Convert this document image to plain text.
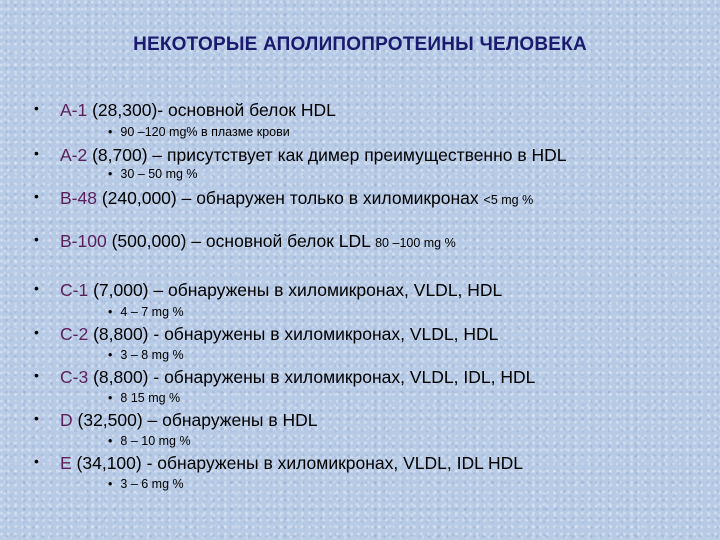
НЕКОТОРЫЕ АПОЛИПОПРОТЕИНЫ ЧЕЛОВЕКА
• A-1 (28,300)- основной белок HDL
• 90 –120 mg% в плазме крови
• A-2 (8,700) – присутствует как димер преимущественно в HDL
• 30 – 50 mg %
• B-48 (240,000) – обнаружен только в хиломикронах <5 mg %
• B-100 (500,000) – основной белок LDL 80 –100 mg %
• C-1 (7,000) – обнаружены в хиломикронах, VLDL, HDL
• 4 – 7 mg %
• C-2 (8,800) - обнаружены в хиломикронах, VLDL, HDL
• 3 – 8 mg %
• C-3 (8,800) - обнаружены в хиломикронах, VLDL, IDL, HDL
• 8 15 mg %
• D (32,500) – обнаружены в HDL
• 8 – 10 mg %
• E (34,100) - обнаружены в хиломикронах, VLDL, IDL HDL
• 3 – 6 mg %
